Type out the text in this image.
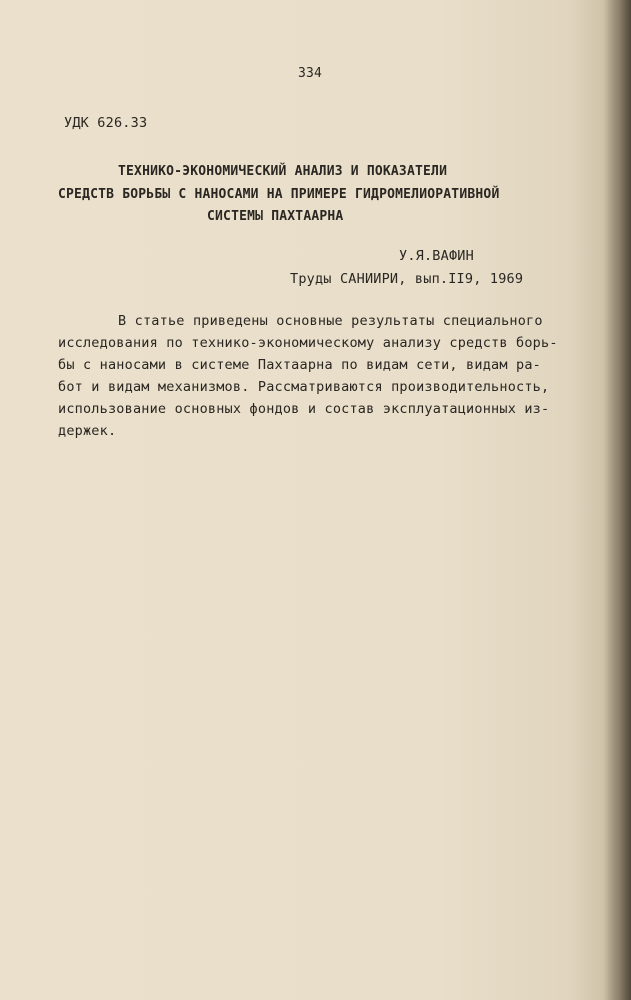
334
УДК 626.33
ТЕХНИКО-ЭКОНОМИЧЕСКИЙ АНАЛИЗ И ПОКАЗАТЕЛИ
СРЕДСТВ БОРЬБЫ С НАНОСАМИ НА ПРИМЕРЕ ГИДРОМЕЛИОРАТИВНОЙ
СИСТЕМЫ ПАХТААРНА
У.Я.ВАФИН
Труды САНИИРИ, вып.II9, 1969
В статье приведены основные результаты специального
исследования по технико-экономическому анализу средств борь-
бы с наносами в системе Пахтаарна по видам сети, видам ра-
бот и видам механизмов. Рассматриваются производительность,
использование основных фондов и состав эксплуатационных из-
держек.
